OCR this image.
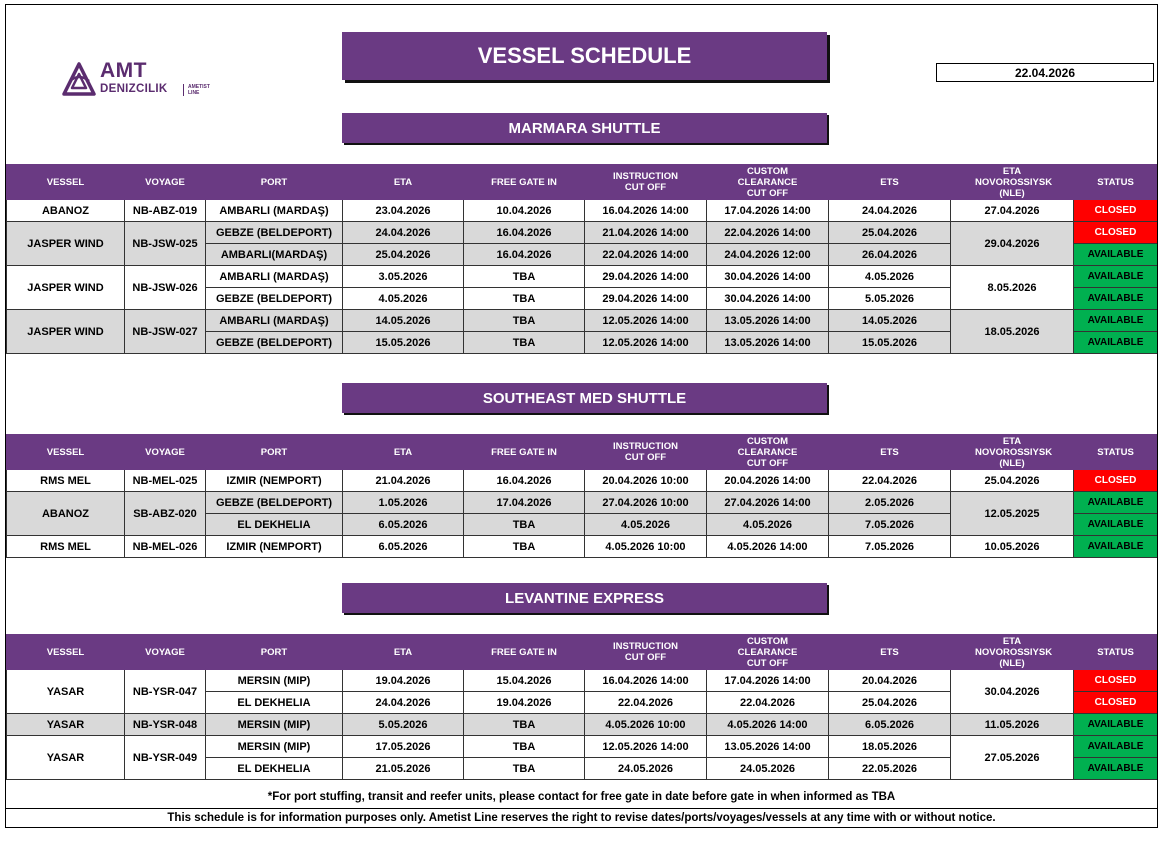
AMT
DENIZCILIK	AMETIST
LINE
VESSEL SCHEDULE
22.04.2026
MARMARA SHUTTLE
VESSEL	VOYAGE	PORT	ETA	FREE GATE IN	INSTRUCTION CUT OFF	CUSTOM CLEARANCE CUT OFF	ETS	ETA NOVOROSSIYSK (NLE)	STATUS
ABANOZ	NB-ABZ-019	AMBARLI (MARDAŞ)	23.04.2026	10.04.2026	16.04.2026 14:00	17.04.2026 14:00	24.04.2026	27.04.2026	CLOSED
JASPER WIND	NB-JSW-025	GEBZE (BELDEPORT)	24.04.2026	16.04.2026	21.04.2026 14:00	22.04.2026 14:00	25.04.2026	29.04.2026	CLOSED
		AMBARLI(MARDAŞ)	25.04.2026	16.04.2026	22.04.2026 14:00	24.04.2026 12:00	26.04.2026		AVAILABLE
JASPER WIND	NB-JSW-026	AMBARLI (MARDAŞ)	3.05.2026	TBA	29.04.2026 14:00	30.04.2026 14:00	4.05.2026	8.05.2026	AVAILABLE
		GEBZE (BELDEPORT)	4.05.2026	TBA	29.04.2026 14:00	30.04.2026 14:00	5.05.2026		AVAILABLE
JASPER WIND	NB-JSW-027	AMBARLI (MARDAŞ)	14.05.2026	TBA	12.05.2026 14:00	13.05.2026 14:00	14.05.2026	18.05.2026	AVAILABLE
		GEBZE (BELDEPORT)	15.05.2026	TBA	12.05.2026 14:00	13.05.2026 14:00	15.05.2026		AVAILABLE
SOUTHEAST MED SHUTTLE
VESSEL	VOYAGE	PORT	ETA	FREE GATE IN	INSTRUCTION CUT OFF	CUSTOM CLEARANCE CUT OFF	ETS	ETA NOVOROSSIYSK (NLE)	STATUS
RMS MEL	NB-MEL-025	IZMIR (NEMPORT)	21.04.2026	16.04.2026	20.04.2026 10:00	20.04.2026 14:00	22.04.2026	25.04.2026	CLOSED
ABANOZ	SB-ABZ-020	GEBZE (BELDEPORT)	1.05.2026	17.04.2026	27.04.2026 10:00	27.04.2026 14:00	2.05.2026	12.05.2025	AVAILABLE
		EL DEKHELIA	6.05.2026	TBA	4.05.2026	4.05.2026	7.05.2026		AVAILABLE
RMS MEL	NB-MEL-026	IZMIR (NEMPORT)	6.05.2026	TBA	4.05.2026 10:00	4.05.2026 14:00	7.05.2026	10.05.2026	AVAILABLE
LEVANTINE EXPRESS
VESSEL	VOYAGE	PORT	ETA	FREE GATE IN	INSTRUCTION CUT OFF	CUSTOM CLEARANCE CUT OFF	ETS	ETA NOVOROSSIYSK (NLE)	STATUS
YASAR	NB-YSR-047	MERSIN (MIP)	19.04.2026	15.04.2026	16.04.2026 14:00	17.04.2026 14:00	20.04.2026	30.04.2026	CLOSED
		EL DEKHELIA	24.04.2026	19.04.2026	22.04.2026	22.04.2026	25.04.2026		CLOSED
YASAR	NB-YSR-048	MERSIN (MIP)	5.05.2026	TBA	4.05.2026 10:00	4.05.2026 14:00	6.05.2026	11.05.2026	AVAILABLE
YASAR	NB-YSR-049	MERSIN (MIP)	17.05.2026	TBA	12.05.2026 14:00	13.05.2026 14:00	18.05.2026	27.05.2026	AVAILABLE
		EL DEKHELIA	21.05.2026	TBA	24.05.2026	24.05.2026	22.05.2026		AVAILABLE
*For port stuffing, transit and reefer units, please contact for free gate in date before gate in when informed as TBA
This schedule is for information purposes only. Ametist Line reserves the right to revise dates/ports/voyages/vessels at any time with or without notice.
